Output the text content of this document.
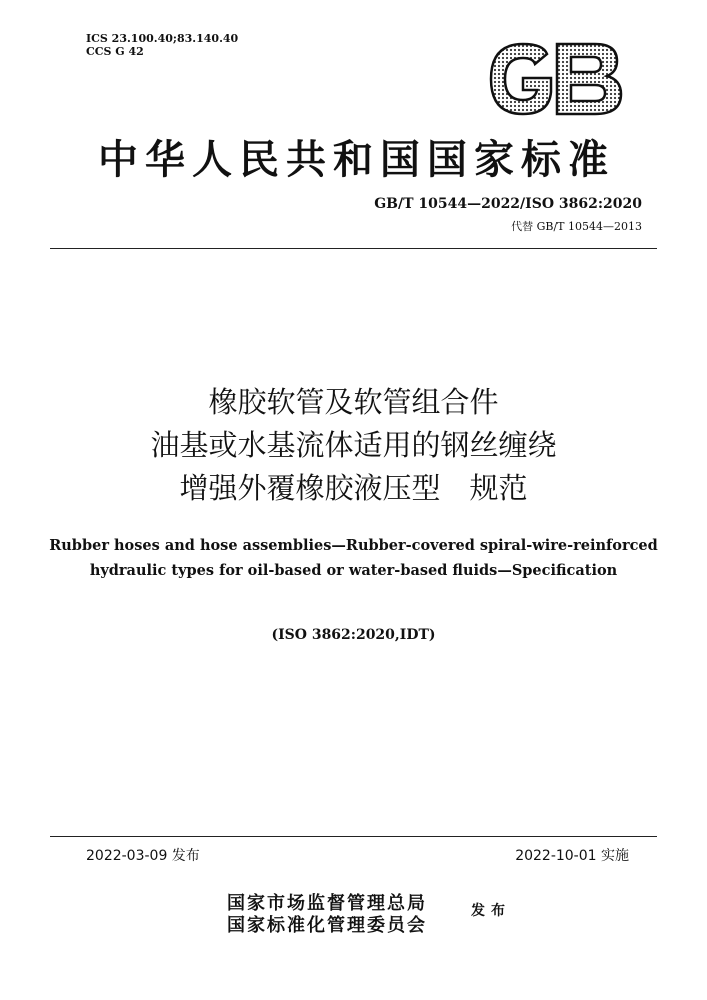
ICS 23.100.40;83.140.40
CCS G 42
中华人民共和国国家标准
GB/T 10544—2022/ISO 3862:2020
代替 GB/T 10544—2013
橡胶软管及软管组合件
油基或水基流体适用的钢丝缠绕
增强外覆橡胶液压型　规范
Rubber hoses and hose assemblies—Rubber-covered spiral-wire-reinforced
hydraulic types for oil-based or water-based fluids—Specification
(ISO 3862:2020,IDT)
2022-03-09 发布	2022-10-01 实施
国家市场监督管理总局
国家标准化管理委员会
发布
